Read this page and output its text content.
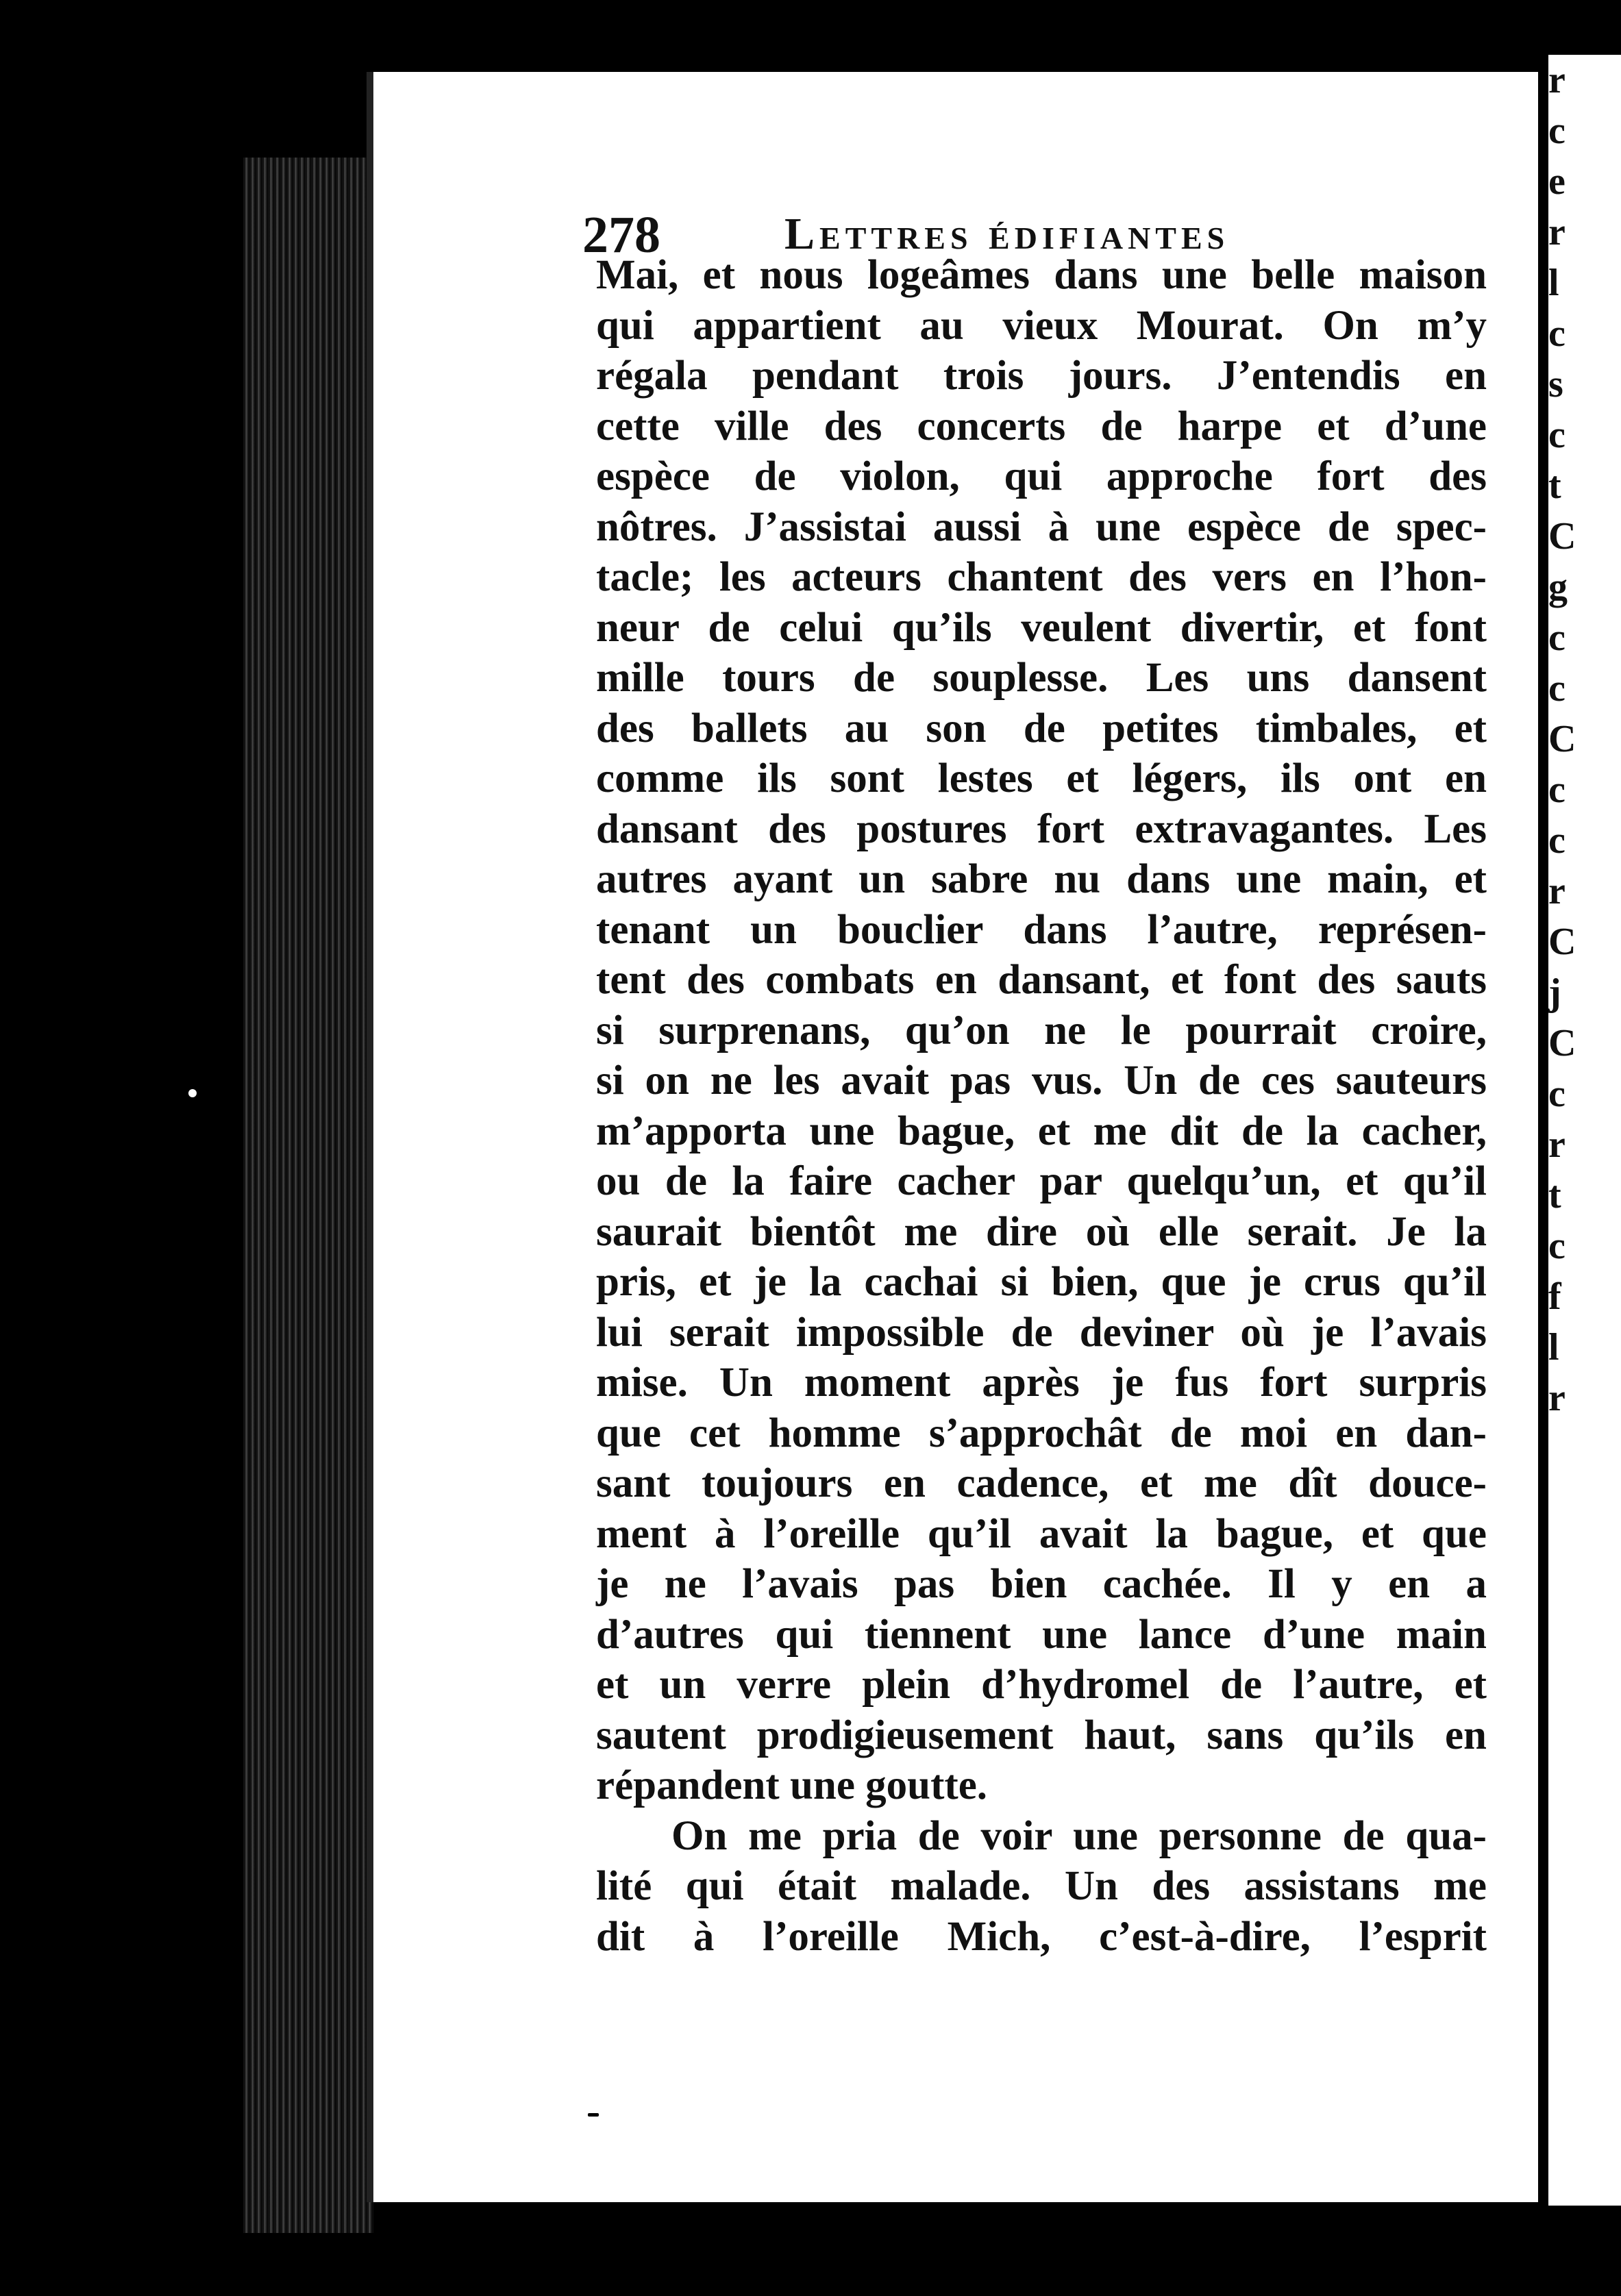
r
c
e
r
l
c
s
c
t
C
g
c
c
C
c
c
r
C
j
C
c
r
t
c
f
l
r
278	Lettres édifiantes
Mai, et nous logeâmes dans une belle maison
qui appartient au vieux Mourat. On m’y
régala pendant trois jours. J’entendis en
cette ville des concerts de harpe et d’une
espèce de violon, qui approche fort des
nôtres. J’assistai aussi à une espèce de spec-
tacle; les acteurs chantent des vers en l’hon-
neur de celui qu’ils veulent divertir, et font
mille tours de souplesse. Les uns dansent
des ballets au son de petites timbales, et
comme ils sont lestes et légers, ils ont en
dansant des postures fort extravagantes. Les
autres ayant un sabre nu dans une main, et
tenant un bouclier dans l’autre, représen-
tent des combats en dansant, et font des sauts
si surprenans, qu’on ne le pourrait croire,
si on ne les avait pas vus. Un de ces sauteurs
m’apporta une bague, et me dit de la cacher,
ou de la faire cacher par quelqu’un, et qu’il
saurait bientôt me dire où elle serait. Je la
pris, et je la cachai si bien, que je crus qu’il
lui serait impossible de deviner où je l’avais
mise. Un moment après je fus fort surpris
que cet homme s’approchât de moi en dan-
sant toujours en cadence, et me dît douce-
ment à l’oreille qu’il avait la bague, et que
je ne l’avais pas bien cachée. Il y en a
d’autres qui tiennent une lance d’une main
et un verre plein d’hydromel de l’autre, et
sautent prodigieusement haut, sans qu’ils en
répandent une goutte.
On me pria de voir une personne de qua-
lité qui était malade. Un des assistans me
dit à l’oreille Mich, c’est-à-dire, l’esprit
